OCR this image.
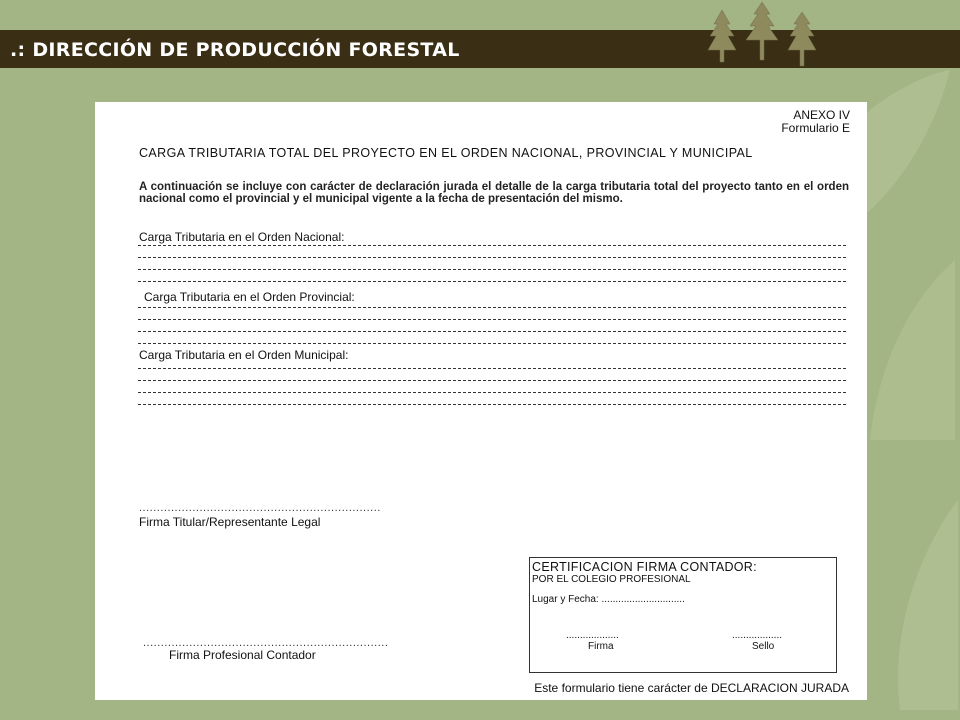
.: DIRECCIÓN DE PRODUCCIÓN FORESTAL
ANEXO IV
Formulario E
CARGA TRIBUTARIA TOTAL DEL PROYECTO EN EL ORDEN NACIONAL, PROVINCIAL Y MUNICIPAL
A continuación se incluye con carácter de declaración jurada el detalle de la carga tributaria total del proyecto tanto en el orden nacional como el provincial y el municipal vigente a la fecha de presentación del mismo.
Carga Tributaria en el Orden Nacional:
Carga Tributaria en el Orden Provincial:
Carga Tributaria en el Orden Municipal:
....................................................................
Firma Titular/Representante Legal
CERTIFICACION FIRMA CONTADOR:
POR EL COLEGIO PROFESIONAL
Lugar y Fecha: ..............................
...................
Firma
..................
Sello
.....................................................................
Firma Profesional Contador
Este formulario tiene carácter de DECLARACION JURADA
